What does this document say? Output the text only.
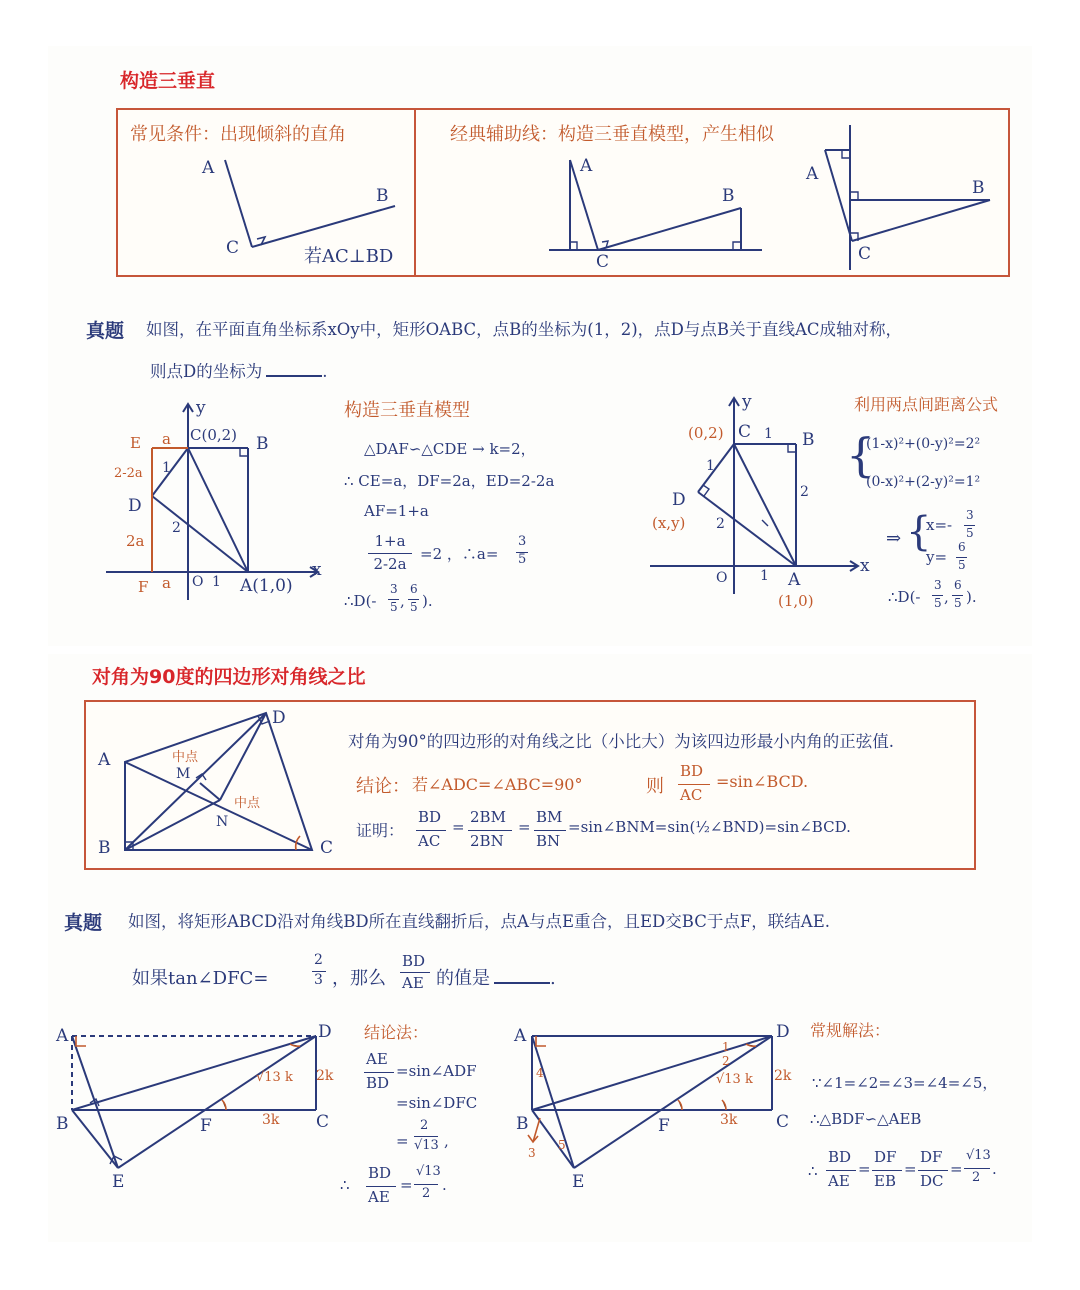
构造三垂直
常见条件：出现倾斜的直角	经典辅助线：构造三垂直模型，产生相似
A
B
C	若AC⊥BD
A
B
C
A
B
C
真题 如图，在平面直角坐标系xOy中，矩形OABC，点B的坐标为(1，2)，点D与点B关于直线AC成轴对称，
则点D的坐标为	.
y
x
E a C(0,2) B
2-2a
D
1
2
2a
F a O 1 A(1,0)
构造三垂直模型
△DAF∽△CDE → k=2，
∴ CE=a，DF=2a，ED=2-2a
AF=1+a
1+a
2-2a
=2 ，∴a=
3
5
∴D(-
3
5 ,
6
5 ).
y
x
(0,2) C 1 B
1
2
D
(x,y) 2
O 1 A
(1,0)
利用两点间距离公式
{
(1-x)²+(0-y)²=2²
(0-x)²+(2-y)²=1²
⇒ {
x=-
3
5
y=
6
5
∴D(-
3
5 ,
6
5 ).
对角为90度的四边形对角线之比
A
B	C
D
M
N
中点
中点
对角为90°的四边形的对角线之比（小比大）为该四边形最小内角的正弦值.
结论： 若∠ADC=∠ABC=90°	则
BD
AC
=sin∠BCD.
证明：
BD
AC
=
2BM
2BN
=
BM
BN
=sin∠BNM=sin(½∠BND)=sin∠BCD.
真题 如图，将矩形ABCD沿对角线BD所在直线翻折后，点A与点E重合，且ED交BC于点F，联结AE.
如果tan∠DFC=
2
3 ，那么
BD
AE 的值是	.
A	D
B	F	C
E
√13 k 2k
3k
结论法：
AE
BD
=sin∠ADF
=sin∠DFC
=
2
√13 ,
∴
BD
AE
=
√13
2 .
A	D
B	F	C
E
√13 k 2k
3k
1
2
3
4
5
常规解法：
∵∠1=∠2=∠3=∠4=∠5，
∴△BDF∽△AEB
∴
BD
AE
=
DF
EB
=
DF
DC
=
√13
2 .
